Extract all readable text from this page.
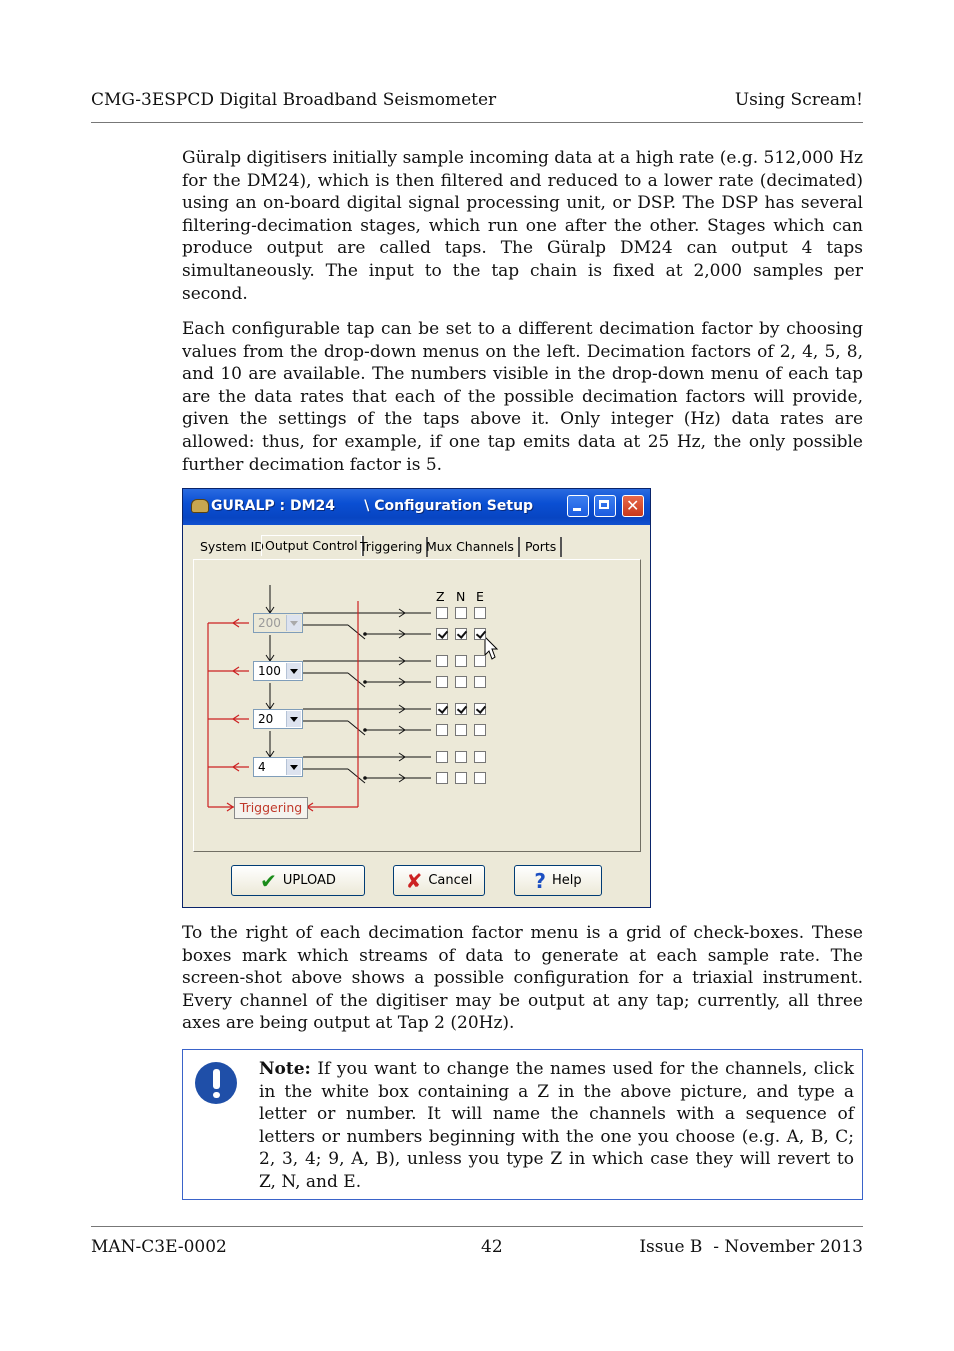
CMG-3ESPCD Digital Broadband Seismometer	Using Scream!

Güralp digitisers initially sample incoming data at a high rate (e.g. 512,000 Hz for the DM24), which is then filtered and reduced to a lower rate (decimated) using an on-board digital signal processing unit, or DSP. The DSP has several filtering-decimation stages, which run one after the other. Stages which can produce output are called taps. The Güralp DM24 can output 4 taps simultaneously. The input to the tap chain is fixed at 2,000 samples per second.

Each configurable tap can be set to a different decimation factor by choosing values from the drop-down menus on the left. Decimation factors of 2, 4, 5, 8, and 10 are available. The numbers visible in the drop-down menu of each tap are the data rates that each of the possible decimation factors will provide, given the settings of the taps above it. Only integer (Hz) data rates are allowed: thus, for example, if one tap emits data at 25 Hz, the only possible further decimation factor is 5.

GURALP : DM24      \ Configuration Setup
✕
System ID Output Control Triggering Mux Channels Ports
Z N E
200
100
20
4
Triggering
✔ UPLOAD	✘ Cancel	? Help

To the right of each decimation factor menu is a grid of check-boxes. These boxes mark which streams of data to generate at each sample rate. The screen-shot above shows a possible configuration for a triaxial instrument. Every channel of the digitiser may be output at any tap; currently, all three axes are being output at Tap 2 (20Hz).

Note: If you want to change the names used for the channels, click in the white box containing a Z in the above picture, and type a letter or number. It will name the channels with a sequence of letters or numbers beginning with the one you choose (e.g. A, B, C; 2, 3, 4; 9, A, B), unless you type Z in which case they will revert to Z, N, and E.

MAN-C3E-0002	42	Issue B  - November 2013
